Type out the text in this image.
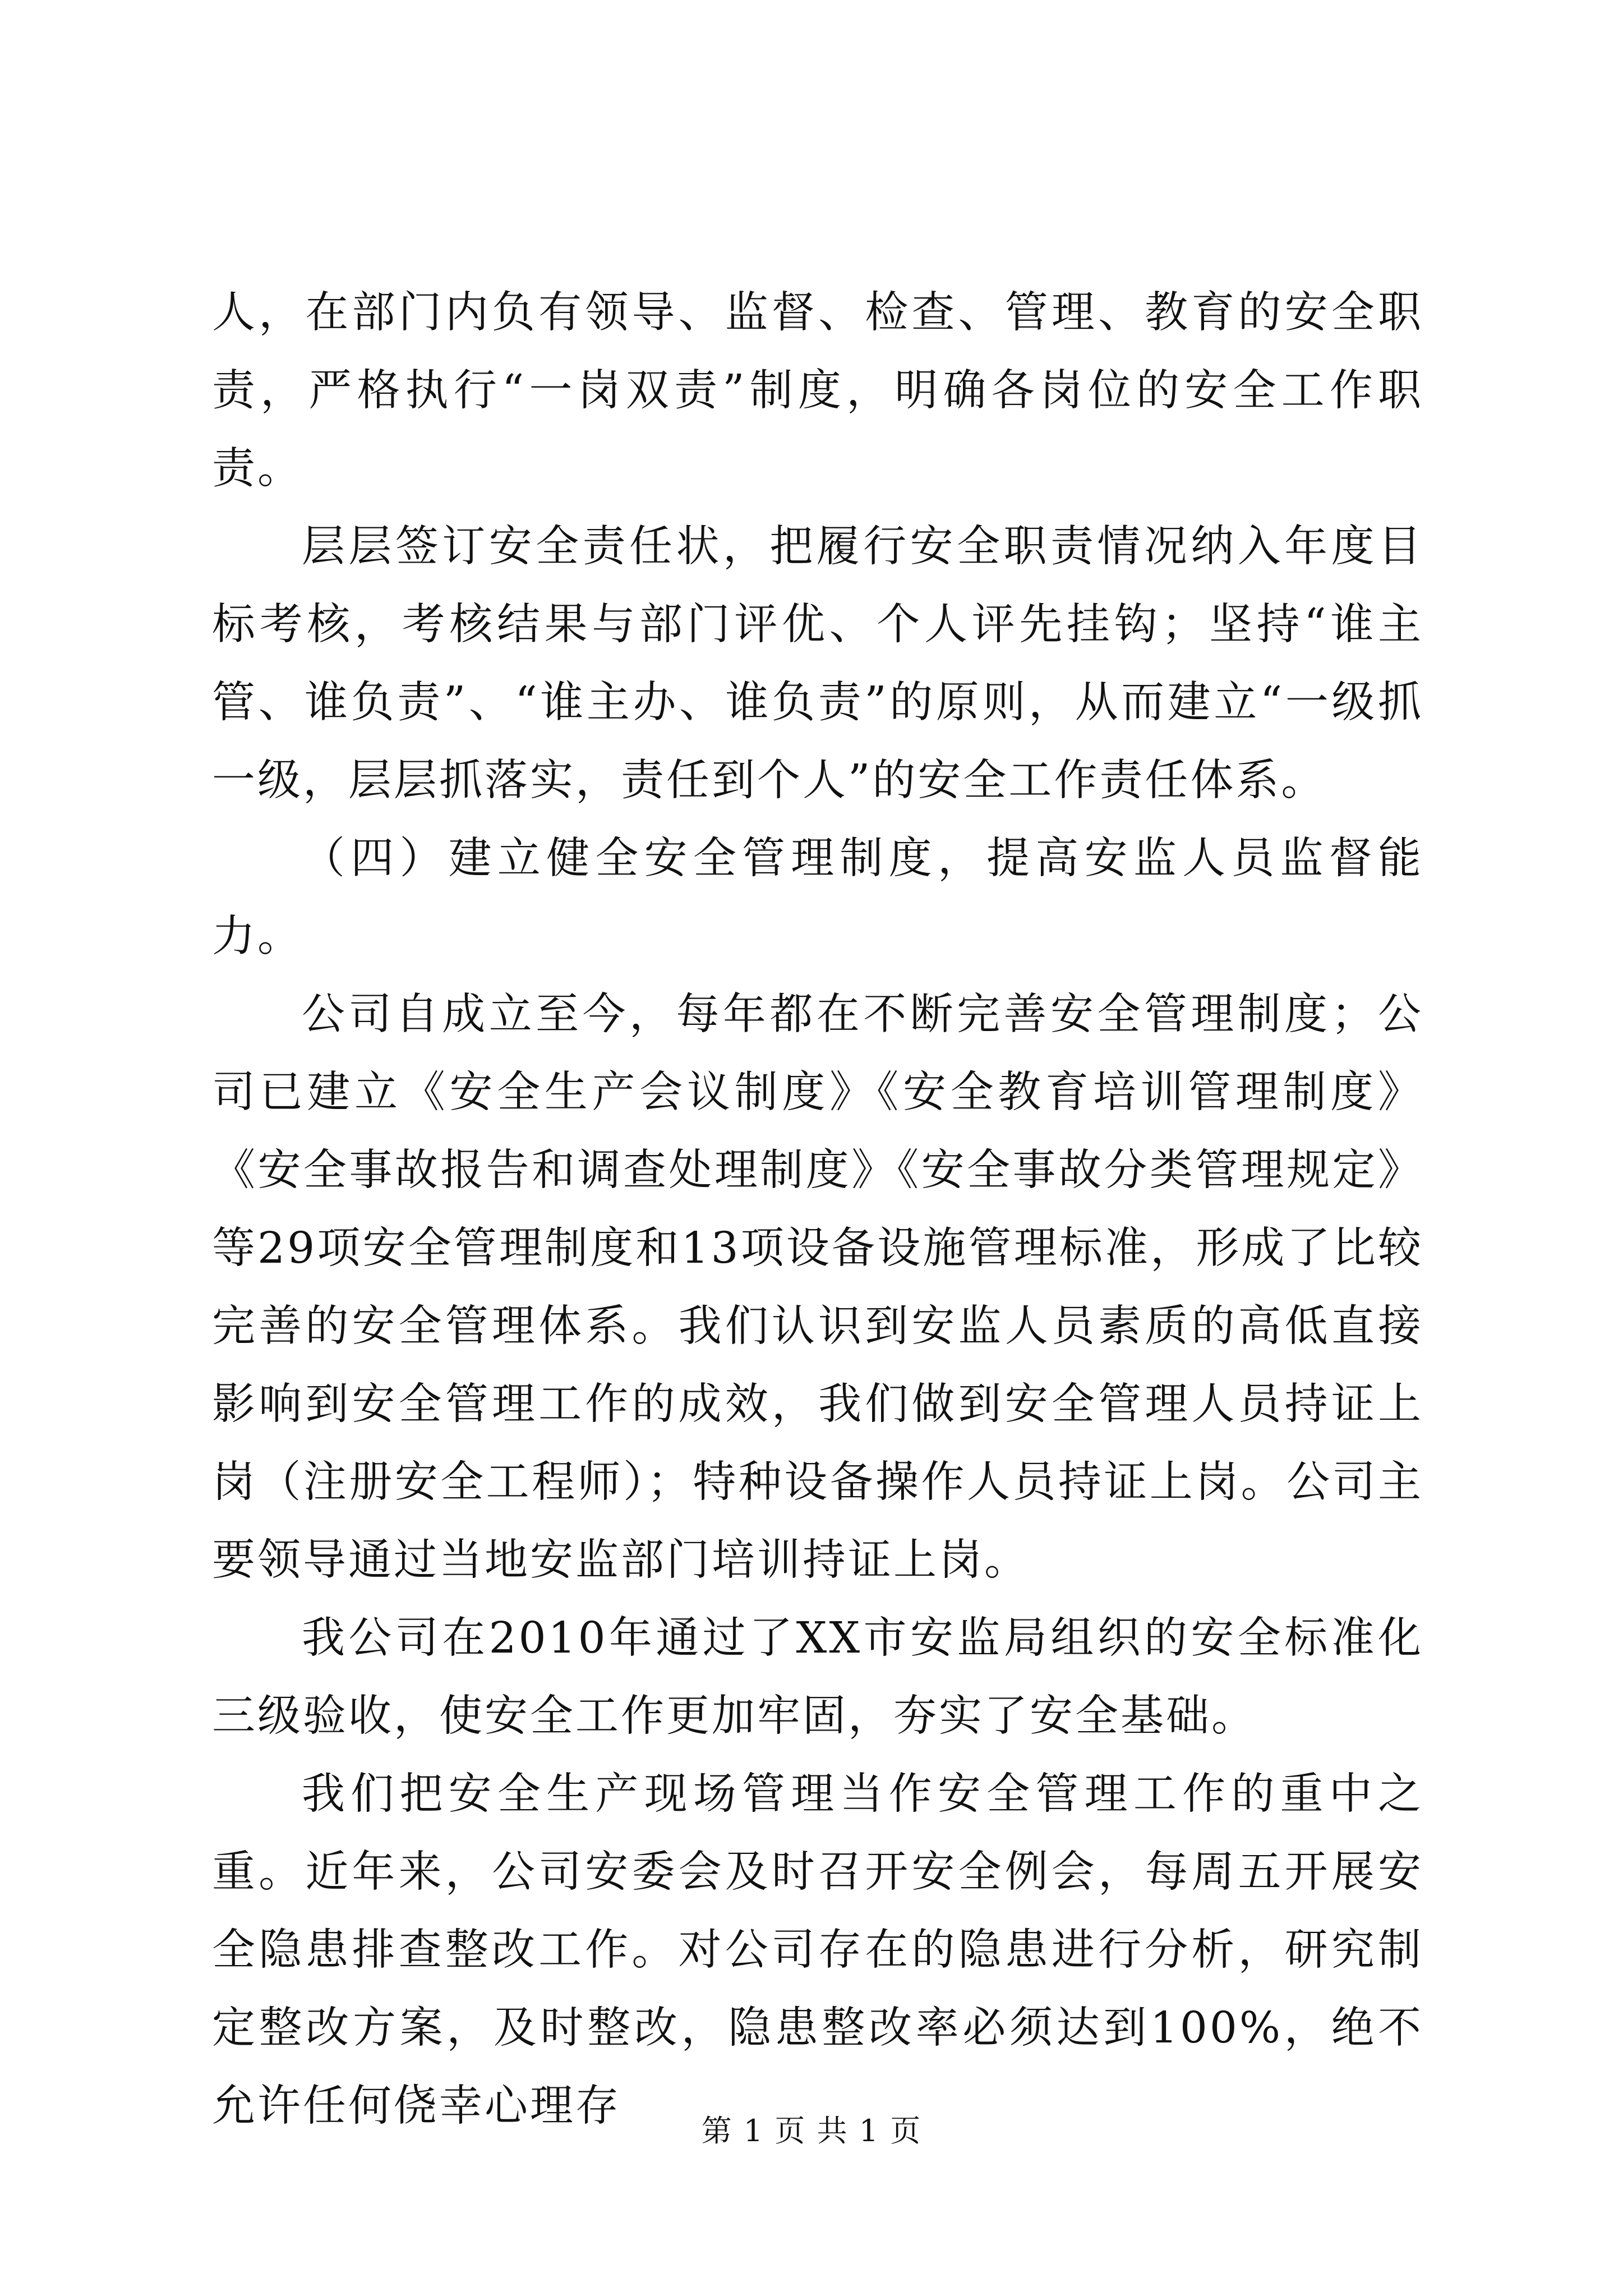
人，在部门内负有领导、监督、检查、管理、教育的安全职责，严格执行“一岗双责”制度，明确各岗位的安全工作职责。

层层签订安全责任状，把履行安全职责情况纳入年度目标考核，考核结果与部门评优、个人评先挂钩；坚持“谁主管、谁负责”、“谁主办、谁负责”的原则，从而建立“一级抓一级，层层抓落实，责任到个人”的安全工作责任体系。

（四）建立健全安全管理制度，提高安监人员监督能力。

公司自成立至今，每年都在不断完善安全管理制度；公司已建立《安全生产会议制度》《安全教育培训管理制度》《安全事故报告和调查处理制度》《安全事故分类管理规定》等29项安全管理制度和13项设备设施管理标准，形成了比较完善的安全管理体系。我们认识到安监人员素质的高低直接影响到安全管理工作的成效，我们做到安全管理人员持证上岗（注册安全工程师）；特种设备操作人员持证上岗。公司主要领导通过当地安监部门培训持证上岗。

我公司在2010年通过了XX市安监局组织的安全标准化三级验收，使安全工作更加牢固，夯实了安全基础。

我们把安全生产现场管理当作安全管理工作的重中之重。近年来，公司安委会及时召开安全例会，每周五开展安全隐患排查整改工作。对公司存在的隐患进行分析，研究制定整改方案，及时整改，隐患整改率必须达到100%，绝不允许任何侥幸心理存	第 1 页 共 1 页
